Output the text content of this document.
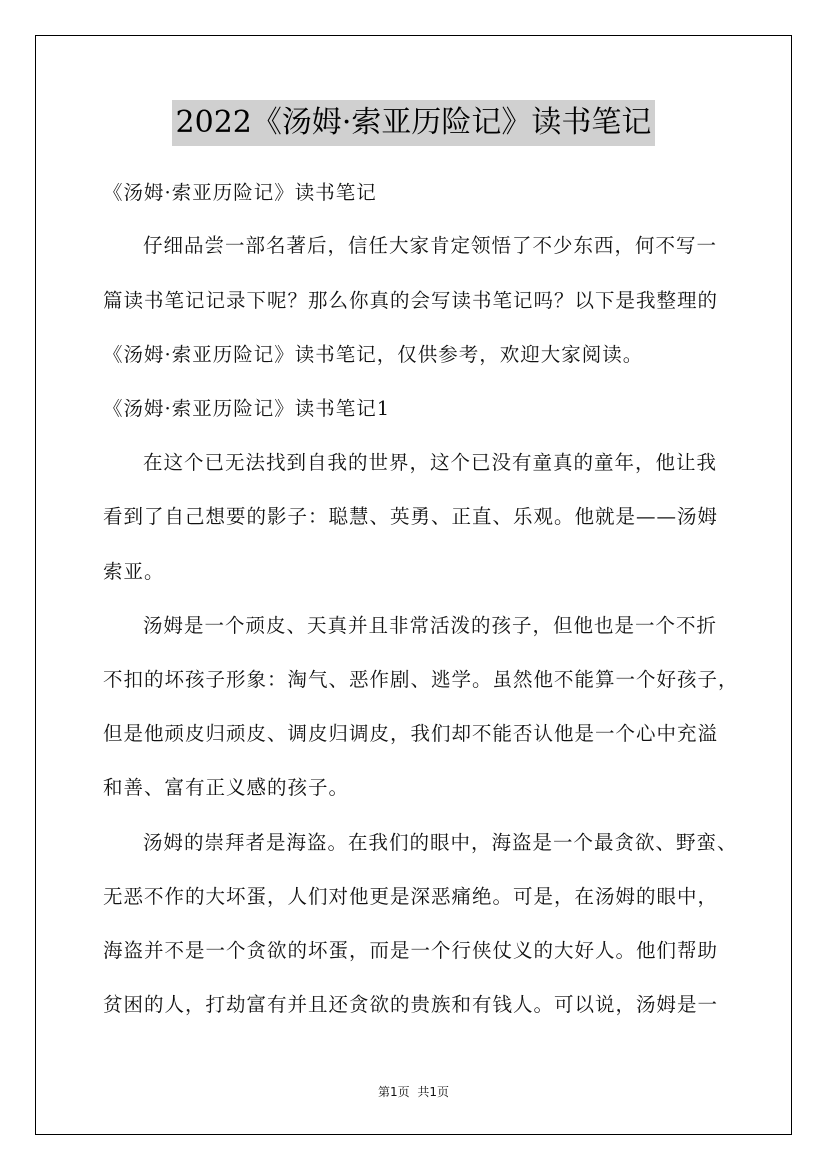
2022《汤姆·索亚历险记》读书笔记
《汤姆·索亚历险记》读书笔记
仔细品尝一部名著后，信任大家肯定领悟了不少东西，何不写一
篇读书笔记记录下呢？那么你真的会写读书笔记吗？以下是我整理的
《汤姆·索亚历险记》读书笔记，仅供参考，欢迎大家阅读。
《汤姆·索亚历险记》读书笔记1
在这个已无法找到自我的世界，这个已没有童真的童年，他让我
看到了自己想要的影子：聪慧、英勇、正直、乐观。他就是——汤姆
索亚。
汤姆是一个顽皮、天真并且非常活泼的孩子，但他也是一个不折
不扣的坏孩子形象：淘气、恶作剧、逃学。虽然他不能算一个好孩子，
但是他顽皮归顽皮、调皮归调皮，我们却不能否认他是一个心中充溢
和善、富有正义感的孩子。
汤姆的崇拜者是海盗。在我们的眼中，海盗是一个最贪欲、野蛮、
无恶不作的大坏蛋，人们对他更是深恶痛绝。可是，在汤姆的眼中，
海盗并不是一个贪欲的坏蛋，而是一个行侠仗义的大好人。他们帮助
贫困的人，打劫富有并且还贪欲的贵族和有钱人。可以说，汤姆是一
第1页 共1页
